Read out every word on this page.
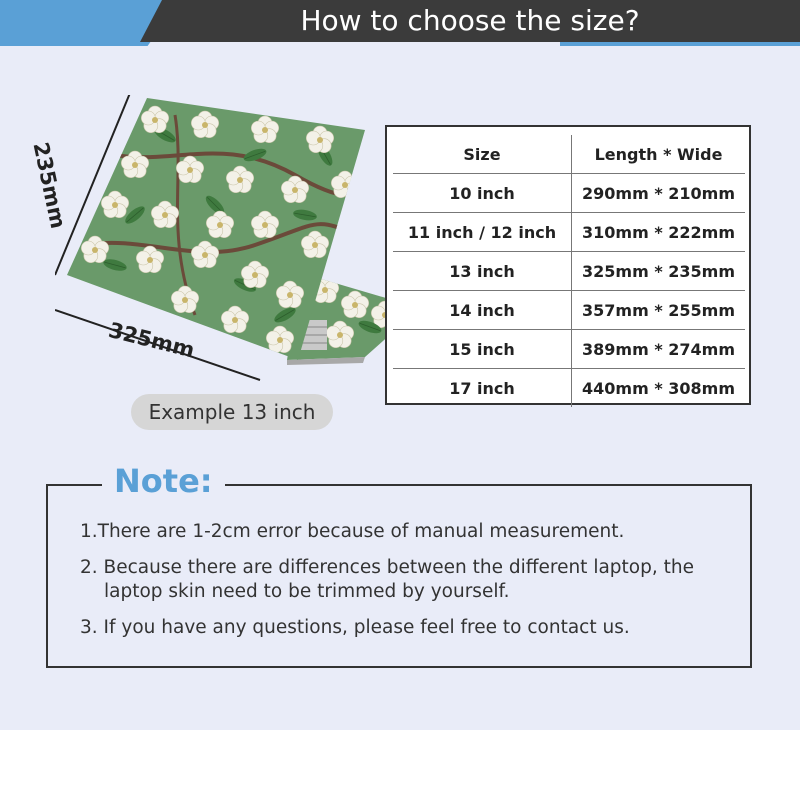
How to choose the size?
235mm
325mm
Example 13 inch
Size	Length * Wide
10 inch	290mm * 210mm
11 inch / 12 inch	310mm * 222mm
13 inch	325mm * 235mm
14 inch	357mm * 255mm
15 inch	389mm * 274mm
17 inch	440mm * 308mm
Note:

1.There are 1-2cm error because of manual measurement.

2. Because there are differences between the different laptop, the
laptop skin need to be trimmed by yourself.

3. If you have any questions, please feel free to contact us.
